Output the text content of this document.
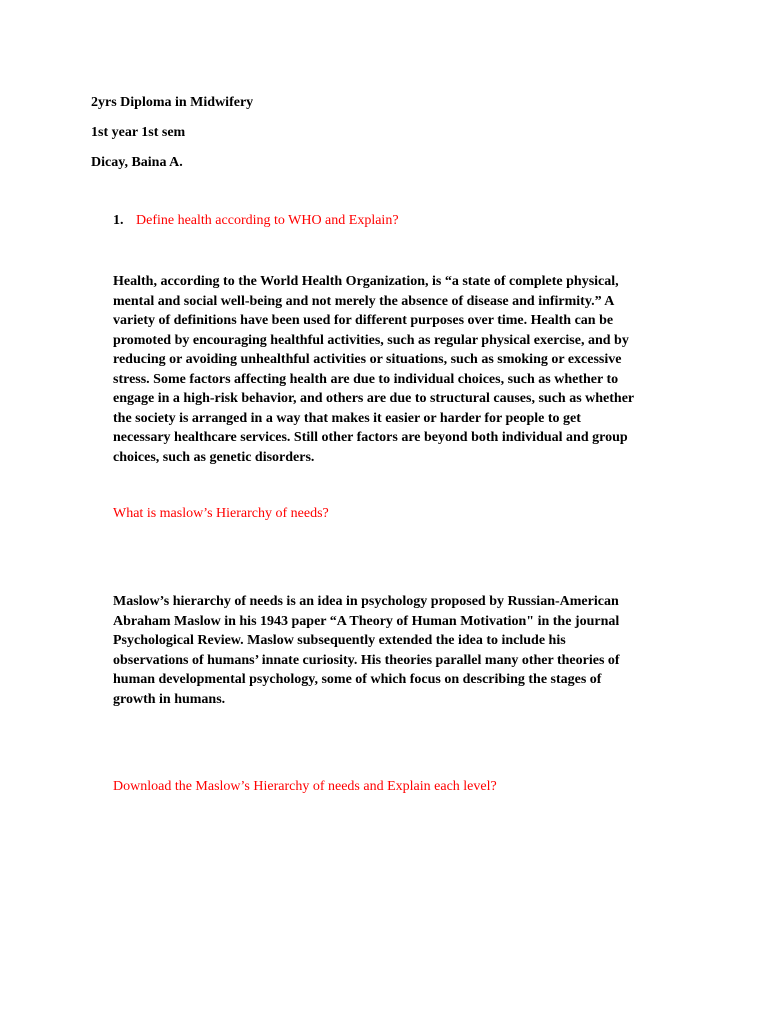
2yrs Diploma in Midwifery
1st year 1st sem
Dicay, Baina A.
1. Define health according to WHO and Explain?
Health, according to the World Health Organization, is “a state of complete physical,
mental and social well-being and not merely the absence of disease and infirmity.” A
variety of definitions have been used for different purposes over time. Health can be
promoted by encouraging healthful activities, such as regular physical exercise, and by
reducing or avoiding unhealthful activities or situations, such as smoking or excessive
stress. Some factors affecting health are due to individual choices, such as whether to
engage in a high-risk behavior, and others are due to structural causes, such as whether
the society is arranged in a way that makes it easier or harder for people to get
necessary healthcare services. Still other factors are beyond both individual and group
choices, such as genetic disorders.
What is maslow’s Hierarchy of needs?
Maslow’s hierarchy of needs is an idea in psychology proposed by Russian-American
Abraham Maslow in his 1943 paper “A Theory of Human Motivation" in the journal
Psychological Review. Maslow subsequently extended the idea to include his
observations of humans’ innate curiosity. His theories parallel many other theories of
human developmental psychology, some of which focus on describing the stages of
growth in humans.
Download the Maslow’s Hierarchy of needs and Explain each level?
